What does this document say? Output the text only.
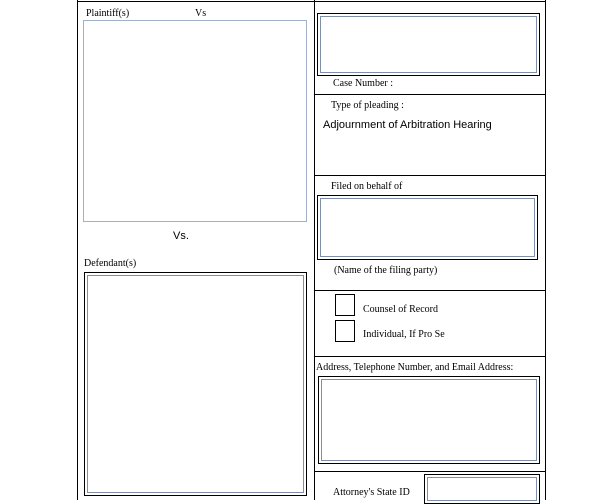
Plaintiff(s)	Vs
Vs.
Defendant(s)
Case Number :
Type of pleading :
Adjournment of Arbitration Hearing
Filed on behalf of
(Name of the filing party)
Counsel of Record
Individual, If Pro Se
Address, Telephone Number, and Email Address:
Attorney's State ID
